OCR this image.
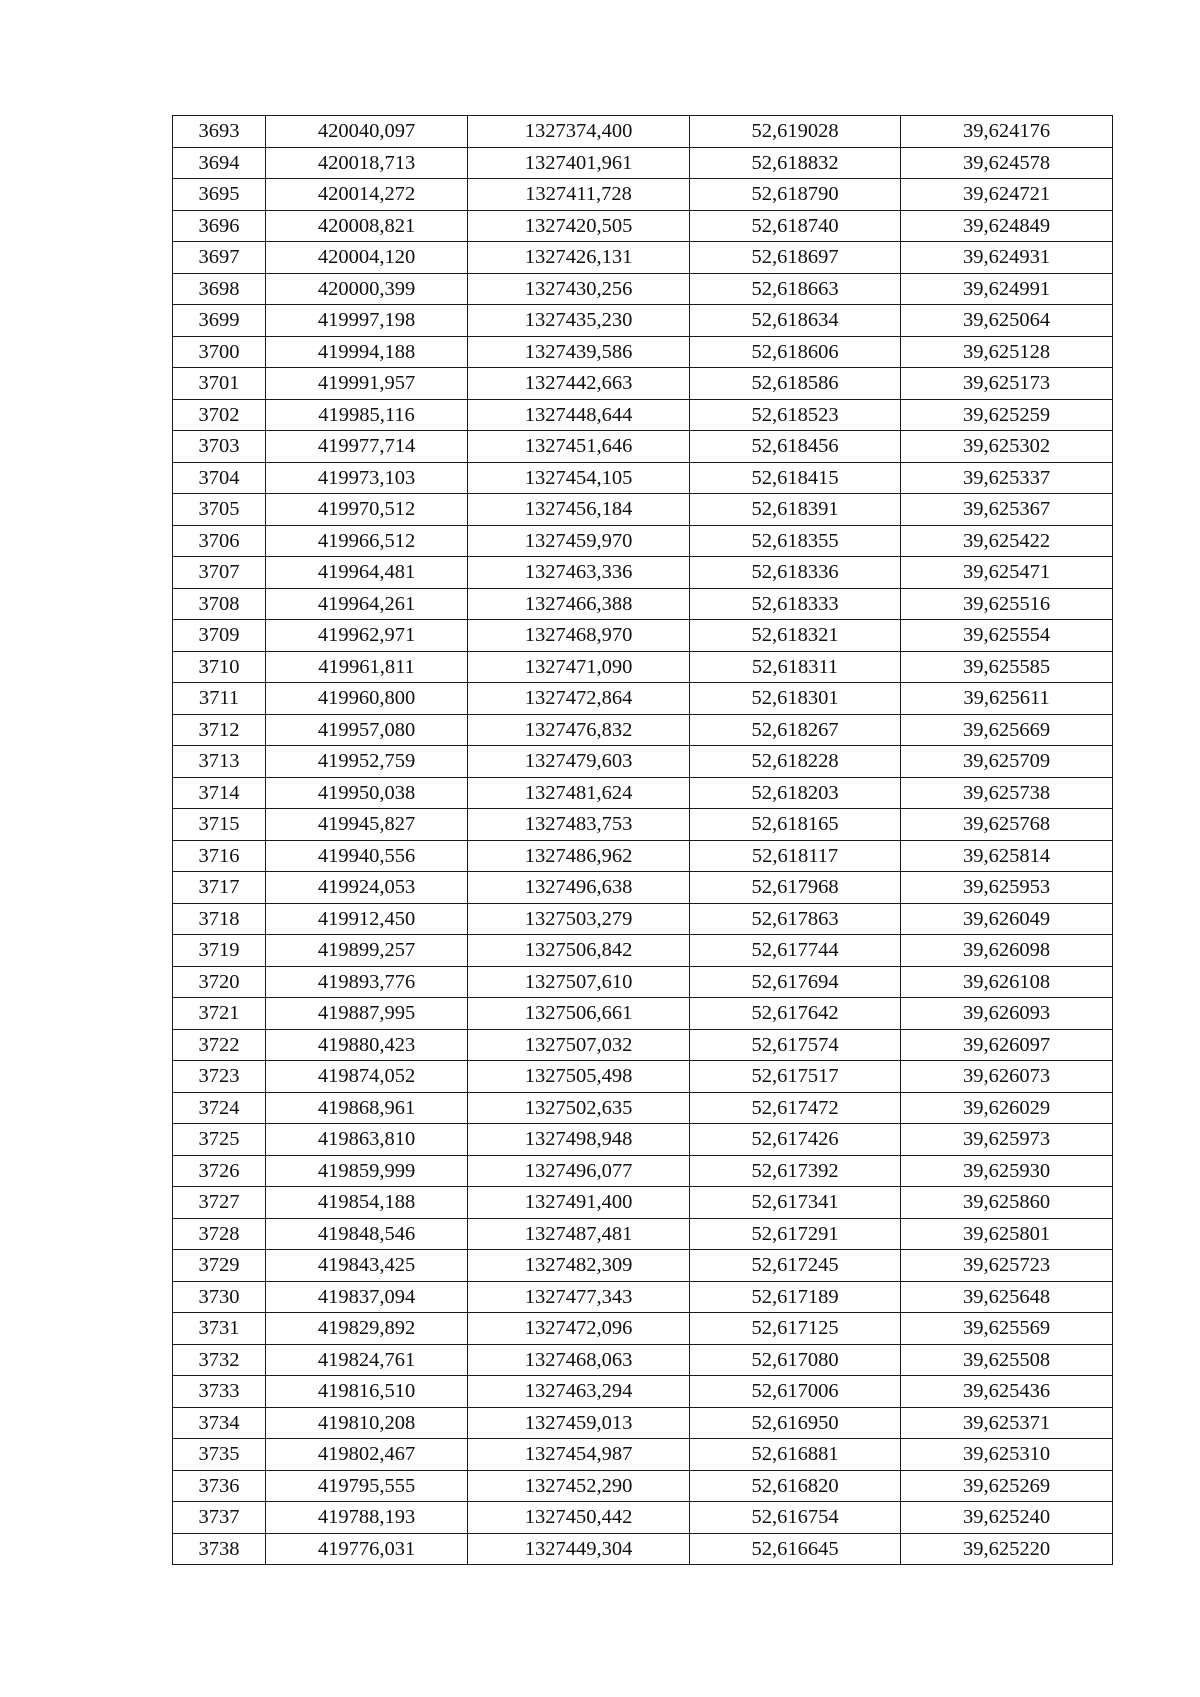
3693	420040,097	1327374,400	52,619028	39,624176
3694	420018,713	1327401,961	52,618832	39,624578
3695	420014,272	1327411,728	52,618790	39,624721
3696	420008,821	1327420,505	52,618740	39,624849
3697	420004,120	1327426,131	52,618697	39,624931
3698	420000,399	1327430,256	52,618663	39,624991
3699	419997,198	1327435,230	52,618634	39,625064
3700	419994,188	1327439,586	52,618606	39,625128
3701	419991,957	1327442,663	52,618586	39,625173
3702	419985,116	1327448,644	52,618523	39,625259
3703	419977,714	1327451,646	52,618456	39,625302
3704	419973,103	1327454,105	52,618415	39,625337
3705	419970,512	1327456,184	52,618391	39,625367
3706	419966,512	1327459,970	52,618355	39,625422
3707	419964,481	1327463,336	52,618336	39,625471
3708	419964,261	1327466,388	52,618333	39,625516
3709	419962,971	1327468,970	52,618321	39,625554
3710	419961,811	1327471,090	52,618311	39,625585
3711	419960,800	1327472,864	52,618301	39,625611
3712	419957,080	1327476,832	52,618267	39,625669
3713	419952,759	1327479,603	52,618228	39,625709
3714	419950,038	1327481,624	52,618203	39,625738
3715	419945,827	1327483,753	52,618165	39,625768
3716	419940,556	1327486,962	52,618117	39,625814
3717	419924,053	1327496,638	52,617968	39,625953
3718	419912,450	1327503,279	52,617863	39,626049
3719	419899,257	1327506,842	52,617744	39,626098
3720	419893,776	1327507,610	52,617694	39,626108
3721	419887,995	1327506,661	52,617642	39,626093
3722	419880,423	1327507,032	52,617574	39,626097
3723	419874,052	1327505,498	52,617517	39,626073
3724	419868,961	1327502,635	52,617472	39,626029
3725	419863,810	1327498,948	52,617426	39,625973
3726	419859,999	1327496,077	52,617392	39,625930
3727	419854,188	1327491,400	52,617341	39,625860
3728	419848,546	1327487,481	52,617291	39,625801
3729	419843,425	1327482,309	52,617245	39,625723
3730	419837,094	1327477,343	52,617189	39,625648
3731	419829,892	1327472,096	52,617125	39,625569
3732	419824,761	1327468,063	52,617080	39,625508
3733	419816,510	1327463,294	52,617006	39,625436
3734	419810,208	1327459,013	52,616950	39,625371
3735	419802,467	1327454,987	52,616881	39,625310
3736	419795,555	1327452,290	52,616820	39,625269
3737	419788,193	1327450,442	52,616754	39,625240
3738	419776,031	1327449,304	52,616645	39,625220
